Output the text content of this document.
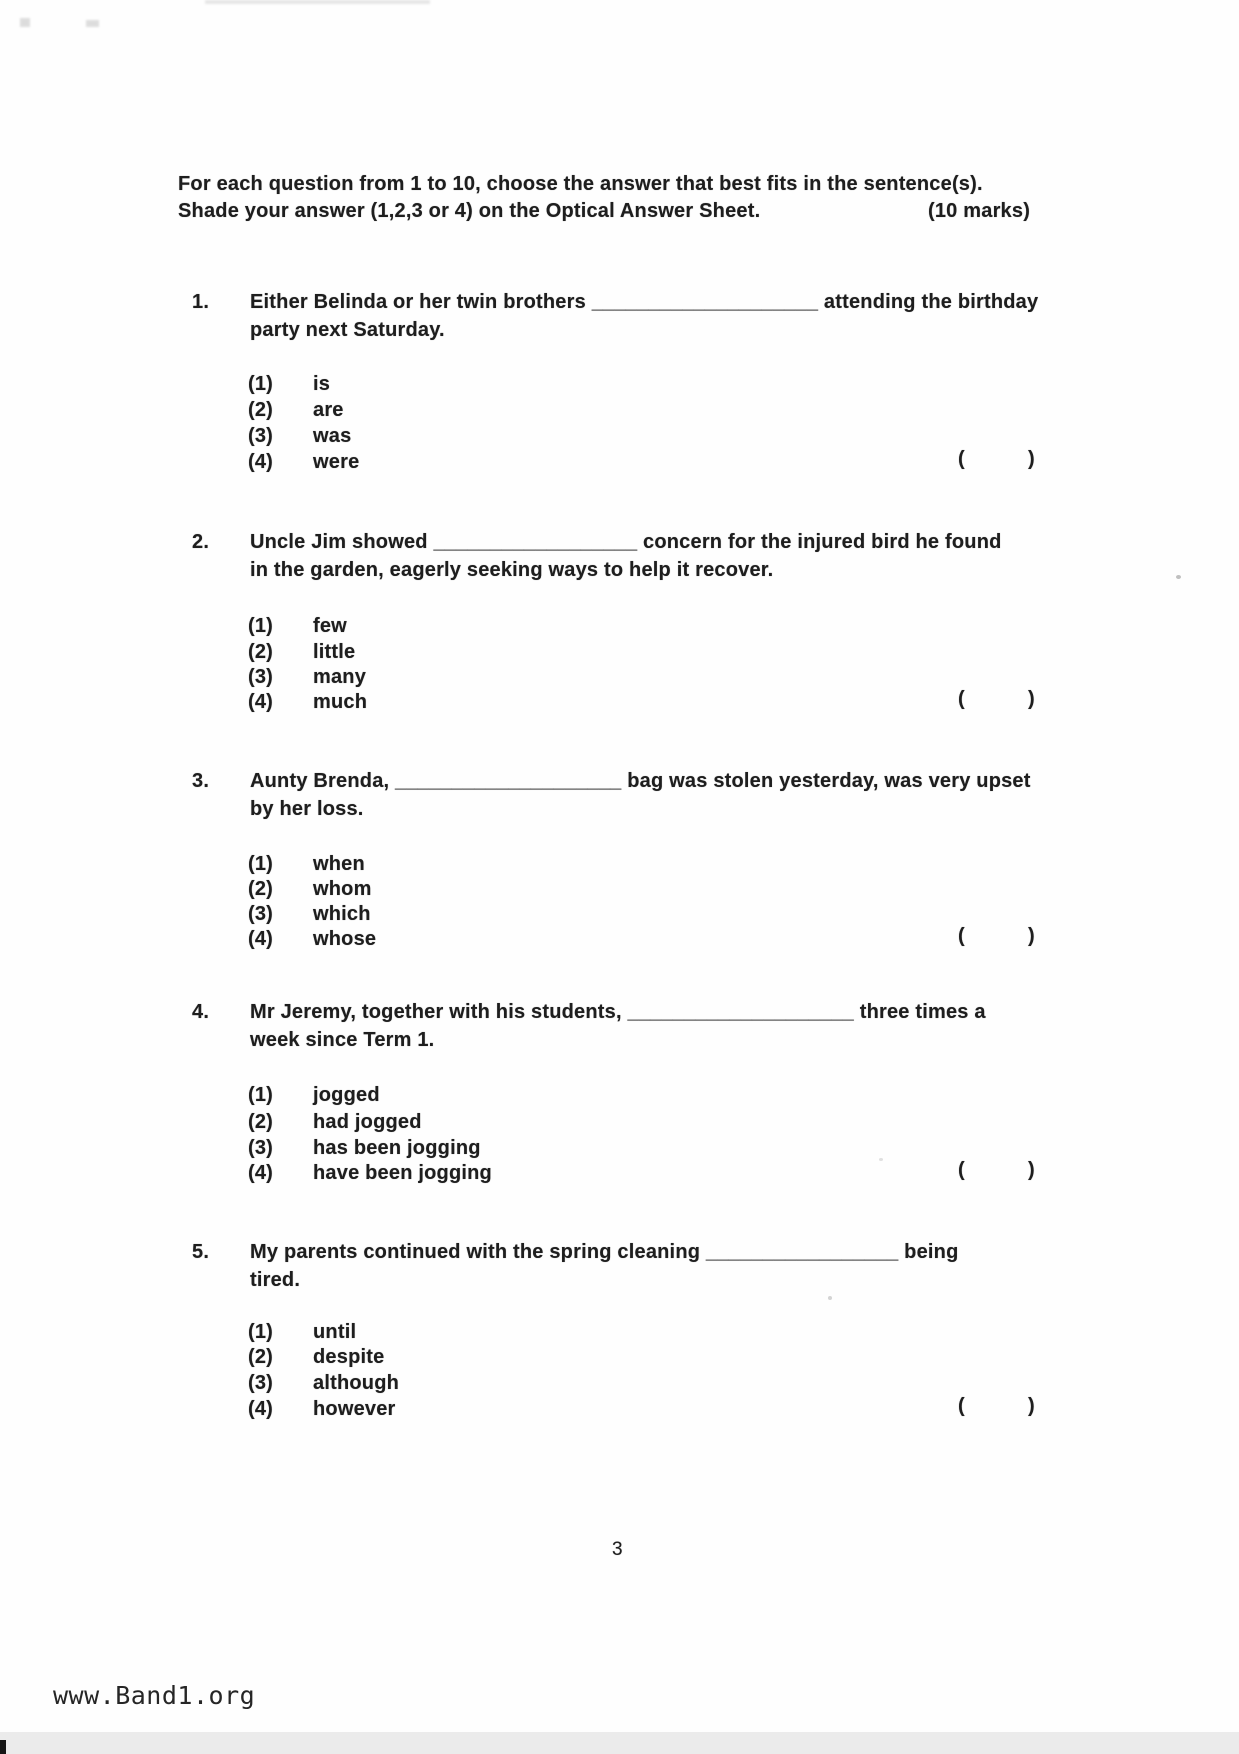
For each question from 1 to 10, choose the answer that best fits in the sentence(s).
Shade your answer (1,2,3 or 4) on the Optical Answer Sheet.	(10 marks)
1. Either Belinda or her twin brothers ____________________ attending the birthday
party next Saturday.
(1) is
(2) are
(3) was
(4) were	(	)
2. Uncle Jim showed __________________ concern for the injured bird he found
in the garden, eagerly seeking ways to help it recover.
(1) few
(2) little
(3) many
(4) much	(	)
3. Aunty Brenda, ____________________ bag was stolen yesterday, was very upset
by her loss.
(1) when
(2) whom
(3) which
(4) whose	(	)
4. Mr Jeremy, together with his students, ____________________ three times a
week since Term 1.
(1) jogged
(2) had jogged
(3) has been jogging
(4) have been jogging	(	)
5. My parents continued with the spring cleaning _________________ being
tired.
(1) until
(2) despite
(3) although
(4) however	(	)
3
www.Band1.org
